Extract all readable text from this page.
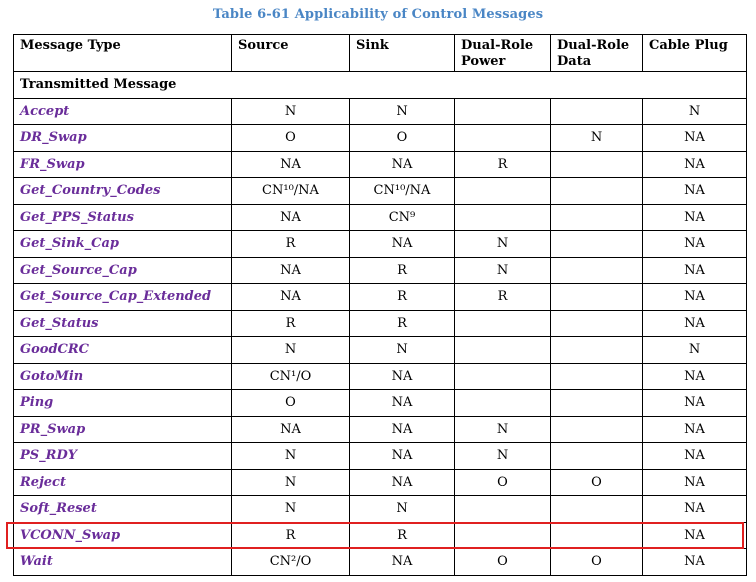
Table 6-61 Applicability of Control Messages
Message Type	Source	Sink	Dual-Role Power	Dual-Role Data	Cable Plug
Transmitted Message					
Accept	N	N			N
DR_Swap	O	O		N	NA
FR_Swap	NA	NA	R		NA
Get_Country_Codes	CN¹⁰/NA	CN¹⁰/NA			NA
Get_PPS_Status	NA	CN⁹			NA
Get_Sink_Cap	R	NA	N		NA
Get_Source_Cap	NA	R	N		NA
Get_Source_Cap_Extended	NA	R	R		NA
Get_Status	R	R			NA
GoodCRC	N	N			N
GotoMin	CN¹/O	NA			NA
Ping	O	NA			NA
PR_Swap	NA	NA	N		NA
PS_RDY	N	NA	N		NA
Reject	N	NA	O	O	NA
Soft_Reset	N	N			NA
VCONN_Swap	R	R			NA
Wait	CN²/O	NA	O	O	NA
